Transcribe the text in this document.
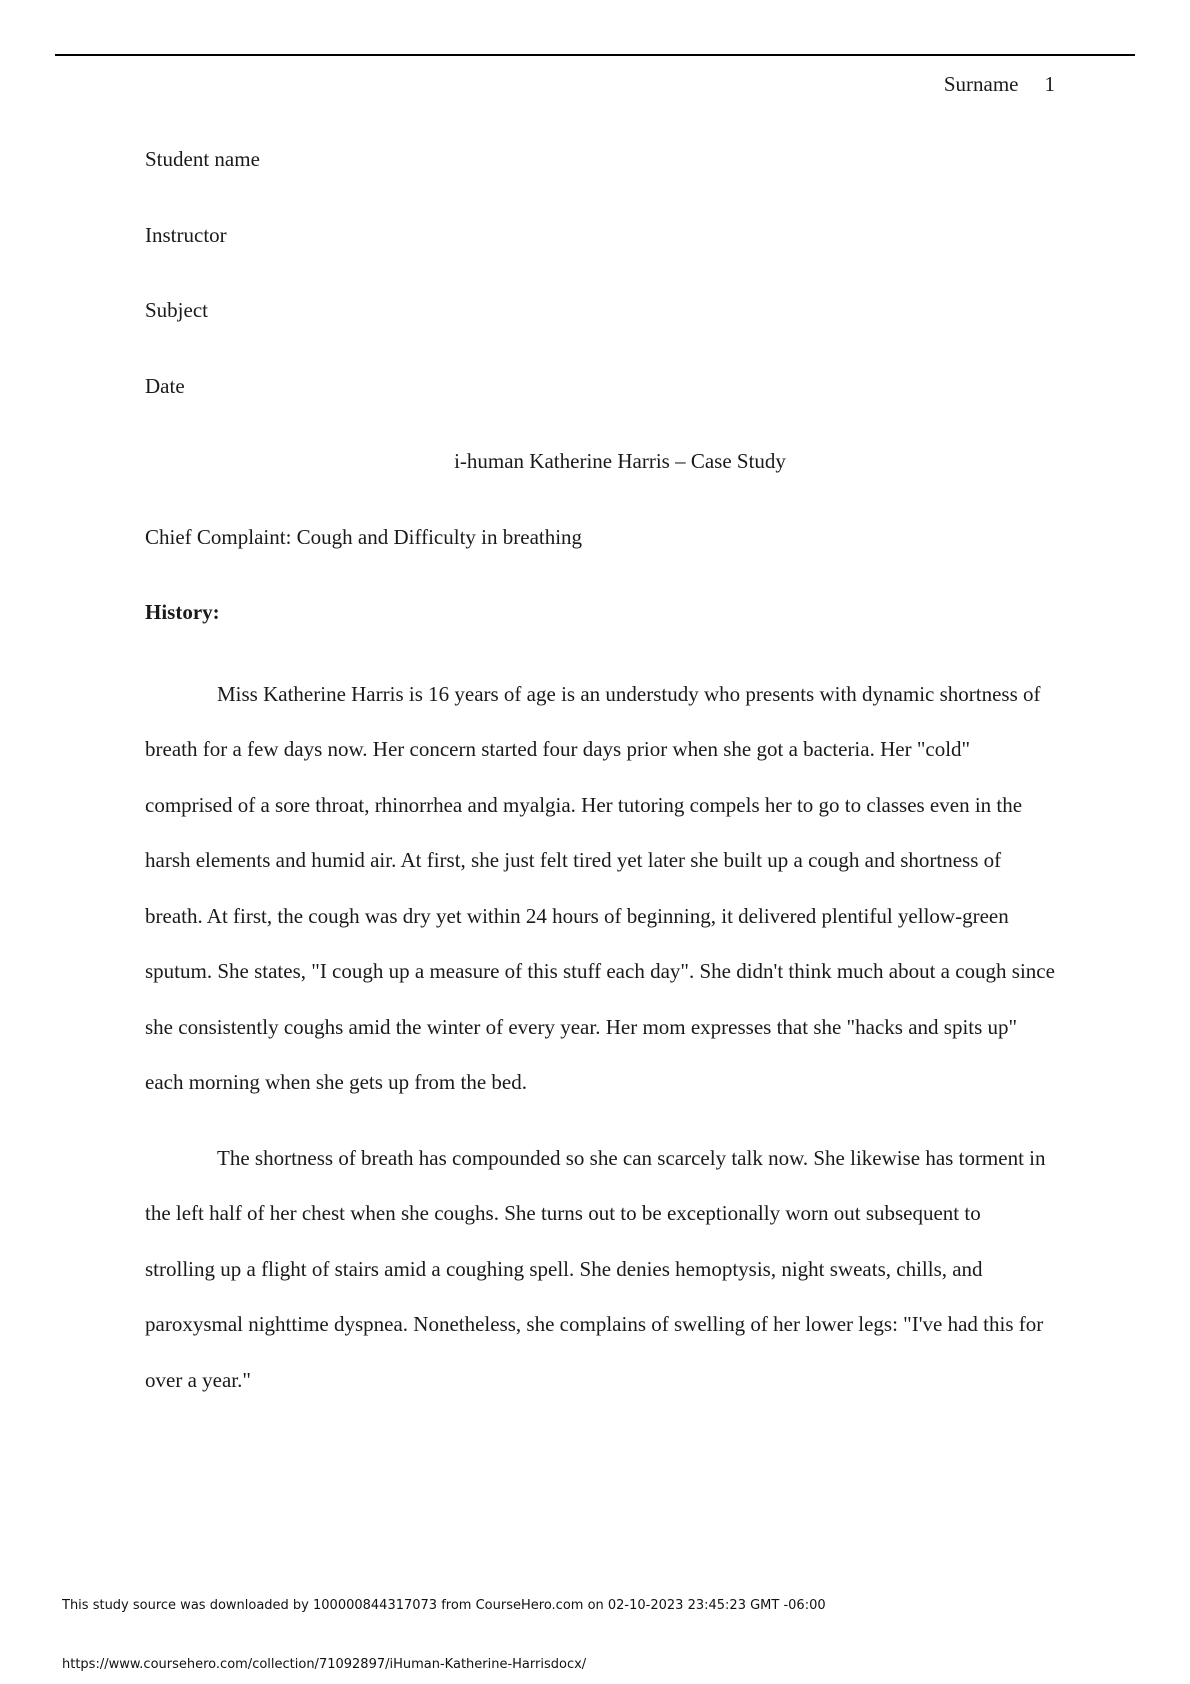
Surname 1

Student name

Instructor

Subject

Date

i-human Katherine Harris – Case Study

Chief Complaint: Cough and Difficulty in breathing

History:

Miss Katherine Harris is 16 years of age is an understudy who presents with dynamic shortness of breath for a few days now. Her concern started four days prior when she got a bacteria. Her "cold" comprised of a sore throat, rhinorrhea and myalgia. Her tutoring compels her to go to classes even in the harsh elements and humid air. At first, she just felt tired yet later she built up a cough and shortness of breath. At first, the cough was dry yet within 24 hours of beginning, it delivered plentiful yellow-green sputum. She states, "I cough up a measure of this stuff each day". She didn't think much about a cough since she consistently coughs amid the winter of every year. Her mom expresses that she "hacks and spits up" each morning when she gets up from the bed.

The shortness of breath has compounded so she can scarcely talk now. She likewise has torment in the left half of her chest when she coughs. She turns out to be exceptionally worn out subsequent to strolling up a flight of stairs amid a coughing spell. She denies hemoptysis, night sweats, chills, and paroxysmal nighttime dyspnea. Nonetheless, she complains of swelling of her lower legs: "I've had this for over a year."

This study source was downloaded by 100000844317073 from CourseHero.com on 02-10-2023 23:45:23 GMT -06:00
https://www.coursehero.com/collection/71092897/iHuman-Katherine-Harrisdocx/
